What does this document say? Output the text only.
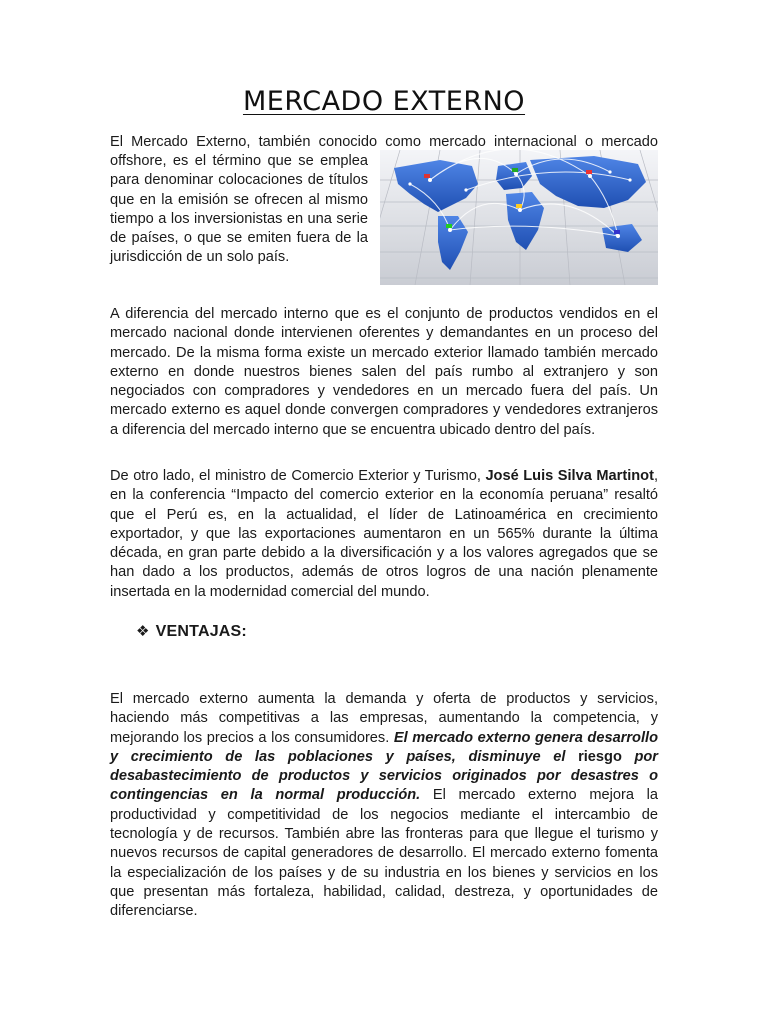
MERCADO EXTERNO
El Mercado Externo, también conocido como mercado internacional o mercado

offshore, es el término que se emplea para denominar colocaciones de títulos que en la emisión se ofrecen al mismo tiempo a los inversionistas en una serie de países, o que se emiten fuera de la jurisdicción de un solo país.

A diferencia del mercado interno que es el conjunto de productos vendidos en el mercado nacional donde intervienen oferentes y demandantes en un proceso del mercado. De la misma forma existe un mercado exterior llamado también mercado externo en donde nuestros bienes salen del país rumbo al extranjero y son negociados con compradores y vendedores en un mercado fuera del país. Un mercado externo es aquel donde convergen compradores y vendedores extranjeros a diferencia del mercado interno que se encuentra ubicado dentro del país.

De otro lado, el ministro de Comercio Exterior y Turismo, José Luis Silva Martinot, en la conferencia “Impacto del comercio exterior en la economía peruana” resaltó que el Perú es, en la actualidad, el líder de Latinoamérica en crecimiento exportador, y que las exportaciones aumentaron en un 565% durante la última década, en gran parte debido a la diversificación y a los valores agregados que se han dado a los productos, además de otros logros de una nación plenamente insertada en la modernidad comercial del mundo.

❖ VENTAJAS:

El mercado externo aumenta la demanda y oferta de productos y servicios, haciendo más competitivas a las empresas, aumentando la competencia, y mejorando los precios a los consumidores. El mercado externo genera desarrollo y crecimiento de las poblaciones y países, disminuye el riesgo por desabastecimiento de productos y servicios originados por desastres o contingencias en la normal producción. El mercado externo mejora la productividad y competitividad de los negocios mediante el intercambio de tecnología y de recursos. También abre las fronteras para que llegue el turismo y nuevos recursos de capital generadores de desarrollo. El mercado externo fomenta la especialización de los países y de su industria en los bienes y servicios en los que presentan más fortaleza, habilidad, calidad, destreza, y oportunidades de diferenciarse.
